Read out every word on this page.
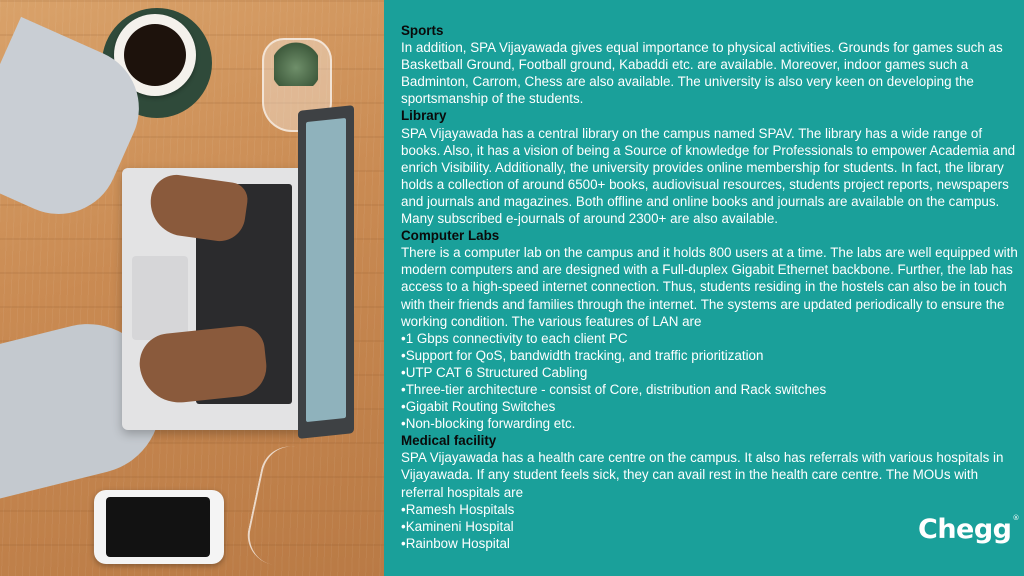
Sports

In addition, SPA Vijayawada gives equal importance to physical activities. Grounds for games such as Basketball Ground, Football ground, Kabaddi etc. are available. Moreover, indoor games such a Badminton, Carrom, Chess are also available. The university is also very keen on developing the sportsmanship of the students.

Library

SPA Vijayawada has a central library on the campus named SPAV. The library has a wide range of books. Also, it has a vision of being a Source of knowledge for Professionals to empower Academia and enrich Visibility. Additionally, the university provides online membership for students. In fact, the library holds a collection of around 6500+ books, audiovisual resources, students project reports, newspapers and journals and magazines. Both offline and online books and journals are available on the campus. Many subscribed e-journals of around 2300+ are also available.

Computer Labs

There is a computer lab on the campus and it holds 800 users at a time. The labs are well equipped with modern computers and are designed with a Full-duplex Gigabit Ethernet backbone. Further, the lab has access to a high-speed internet connection. Thus, students residing in the hostels can also be in touch with their friends and families through the internet. The systems are updated periodically to ensure the working condition. The various features of LAN are

•1 Gbps connectivity to each client PC

•Support for QoS, bandwidth tracking, and traffic prioritization

•UTP CAT 6 Structured Cabling

•Three-tier architecture - consist of Core, distribution and Rack switches

•Gigabit Routing Switches

•Non-blocking forwarding etc.

Medical facility

SPA Vijayawada has a health care centre on the campus. It also has referrals with various hospitals in Vijayawada. If any student feels sick, they can avail rest in the health care centre. The MOUs with referral hospitals are

•Ramesh Hospitals

•Kamineni Hospital

•Rainbow Hospital	Chegg®
